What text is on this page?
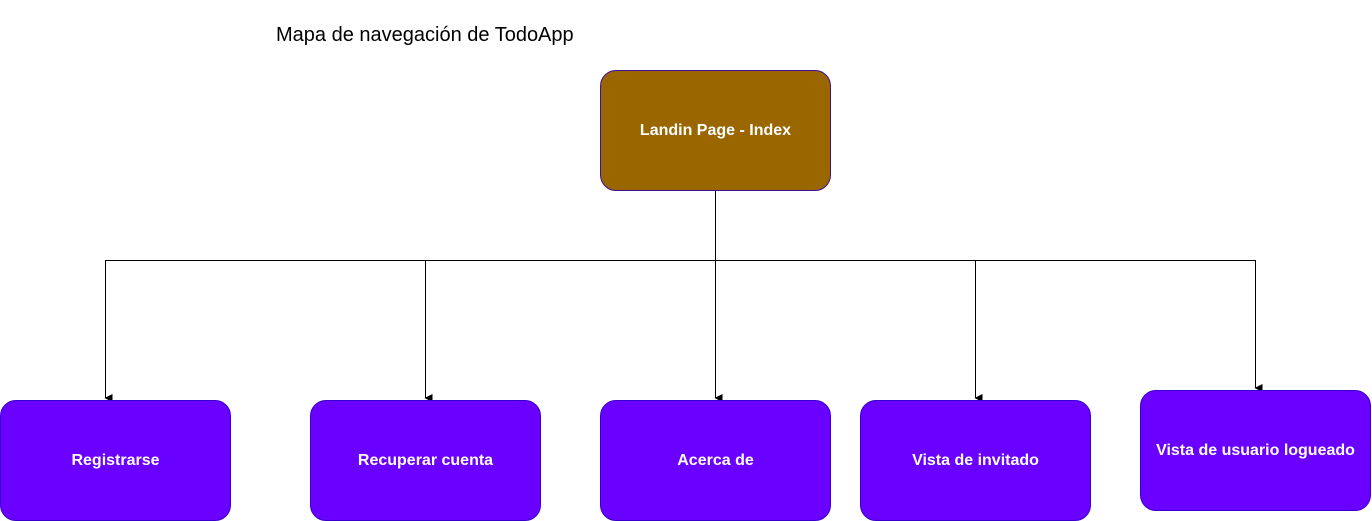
Mapa de navegación de TodoApp
Landin Page - Index
Registrarse	Recuperar cuenta	Acerca de	Vista de invitado
Vista de usuario logueado
